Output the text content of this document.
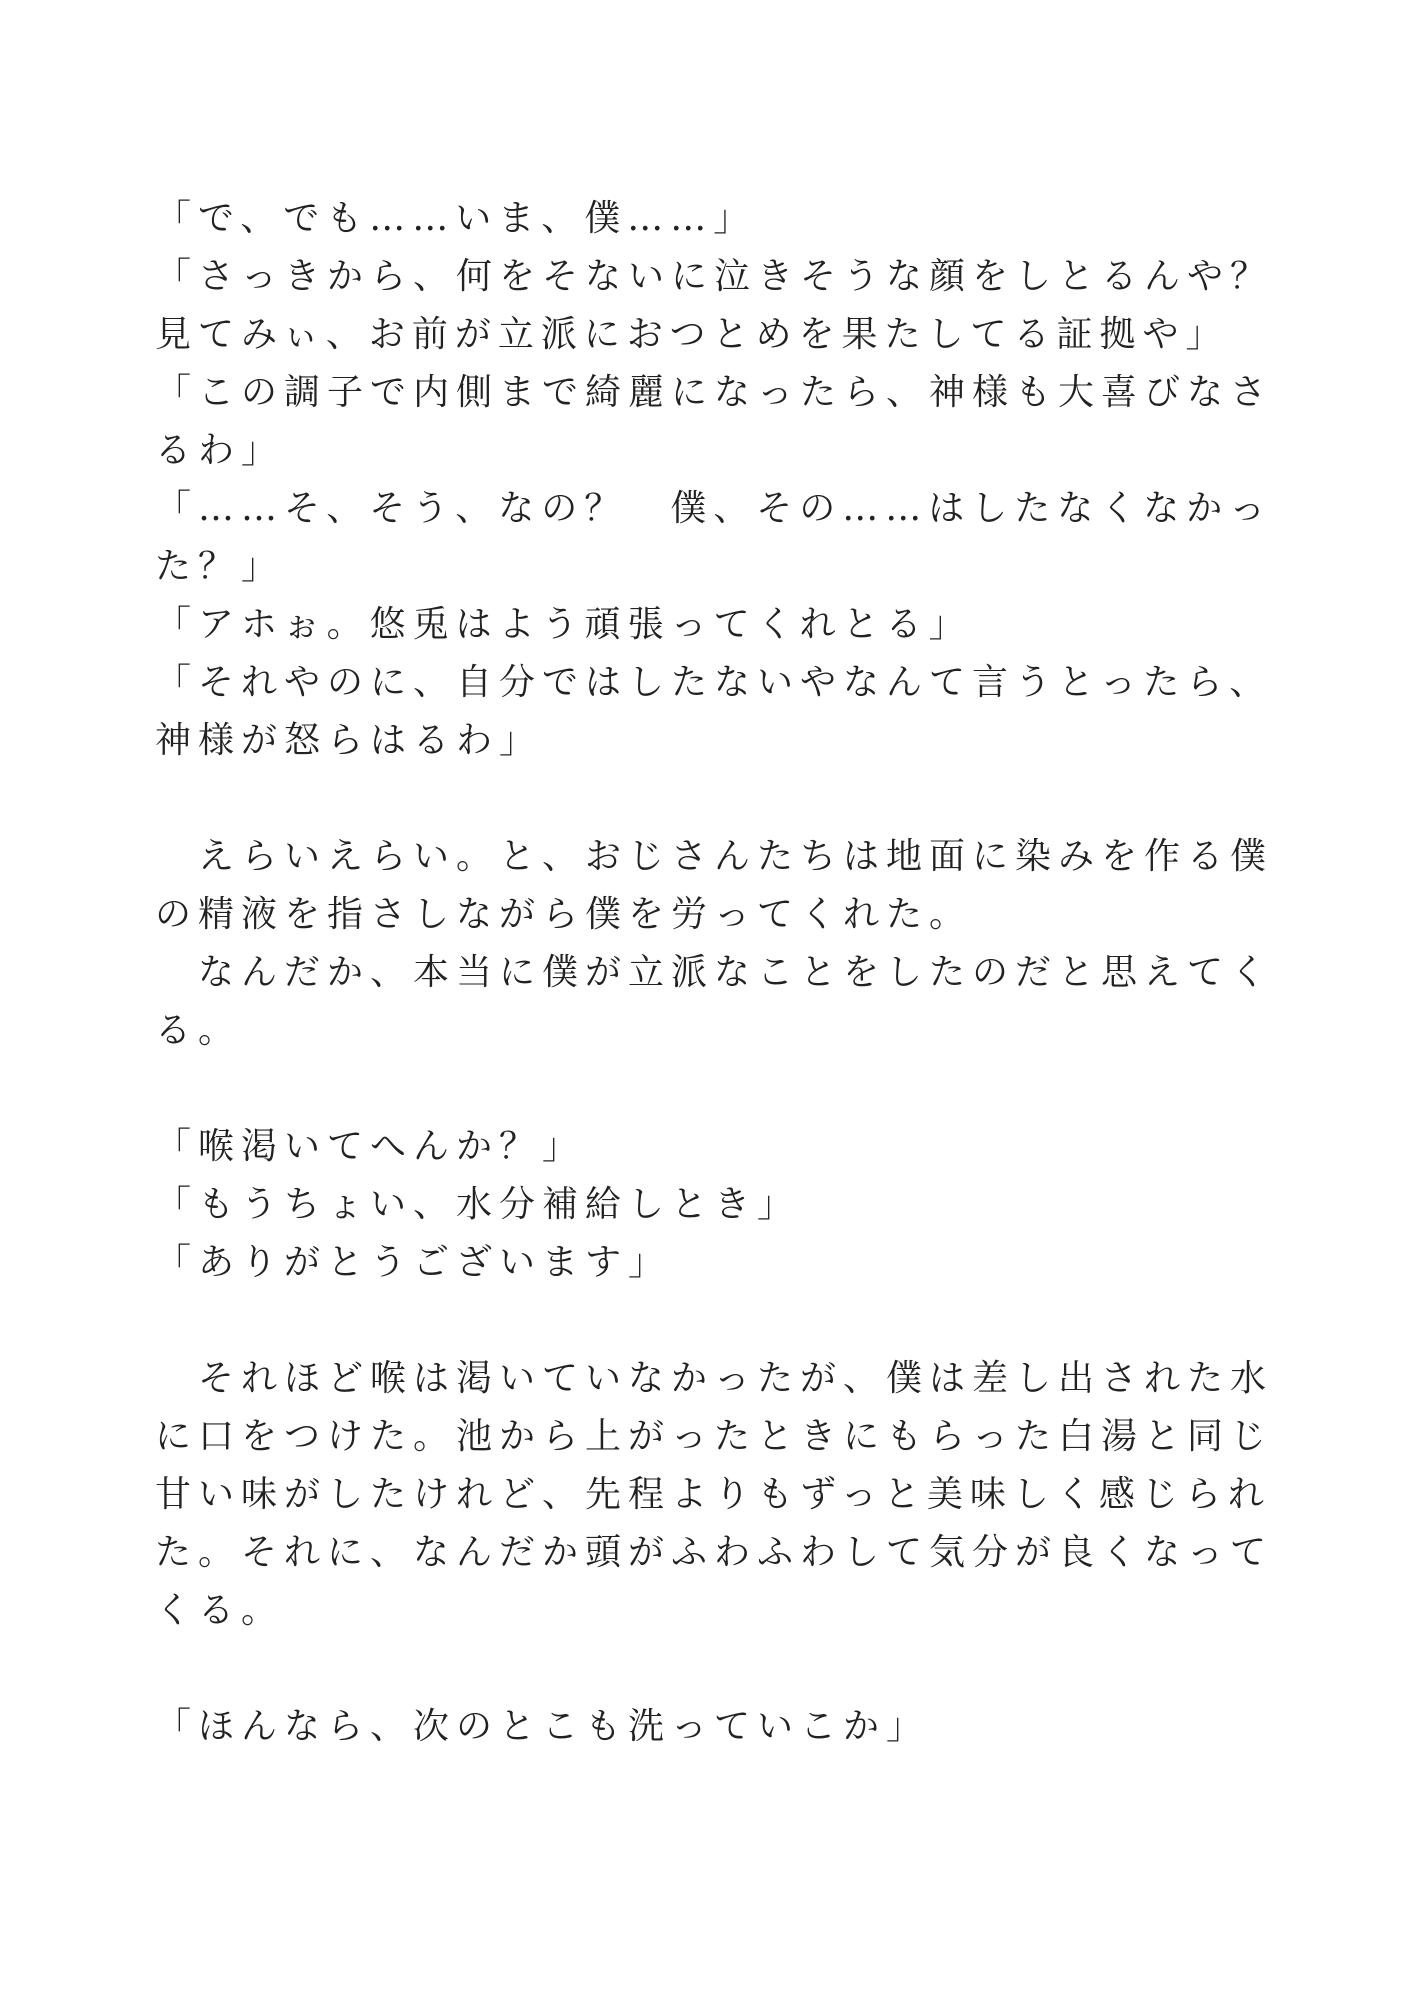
「で、でも……いま、僕……」
「さっきから、何をそないに泣きそうな顔をしとるんや？
見てみぃ、お前が立派におつとめを果たしてる証拠や」
「この調子で内側まで綺麗になったら、神様も大喜びなさ
るわ」
「……そ、そう、なの？　僕、その……はしたなくなかっ
た？」
「アホぉ。悠兎はよう頑張ってくれとる」
「それやのに、自分ではしたないやなんて言うとったら、
神様が怒らはるわ」
　えらいえらい。と、おじさんたちは地面に染みを作る僕
の精液を指さしながら僕を労ってくれた。
　なんだか、本当に僕が立派なことをしたのだと思えてく
る。
「喉渇いてへんか？」
「もうちょい、水分補給しとき」
「ありがとうございます」
　それほど喉は渇いていなかったが、僕は差し出された水
に口をつけた。池から上がったときにもらった白湯と同じ
甘い味がしたけれど、先程よりもずっと美味しく感じられ
た。それに、なんだか頭がふわふわして気分が良くなって
くる。
「ほんなら、次のとこも洗っていこか」
